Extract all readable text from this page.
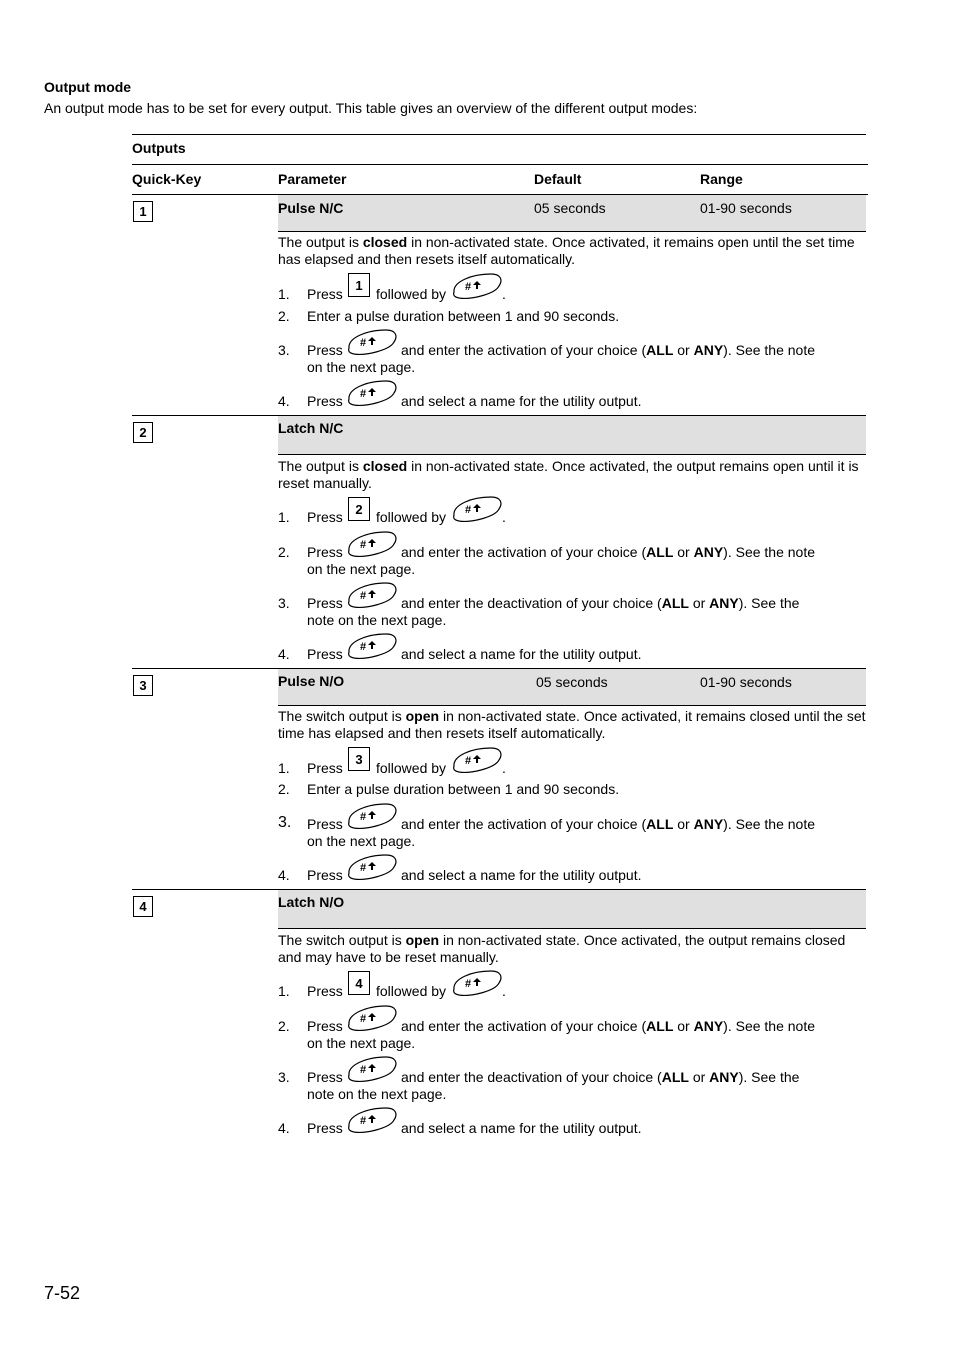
Output mode
An output mode has to be set for every output. This table gives an overview of the different output modes:
Outputs
Quick-Key	Parameter	Default	Range
1	Pulse N/C	05 seconds	01-90 seconds
The output is closed in non-activated state. Once activated, it remains open until the set time has elapsed and then resets itself automatically.
1. Press
1
followed by	.
2. Enter a pulse duration between 1 and 90 seconds.
3. Press	and enter the activation of your choice (ALL or ANY). See the note
on the next page.
4. Press	and select a name for the utility output.
2	Latch N/C
The output is closed in non-activated state. Once activated, the output remains open until it is reset manually.
1. Press 2 followed by	.
2. Press	and enter the activation of your choice (ALL or ANY). See the note
on the next page.
3. Press	and enter the deactivation of your choice (ALL or ANY). See the
note on the next page.
4. Press	and select a name for the utility output.
3	Pulse N/O	05 seconds	01-90 seconds
The switch output is open in non-activated state. Once activated, it remains closed until the set time has elapsed and then resets itself automatically.
1. Press
3
followed by	.
2. Enter a pulse duration between 1 and 90 seconds.
3. Press	and enter the activation of your choice (ALL or ANY). See the note
on the next page.
4. Press	and select a name for the utility output.
4	Latch N/O
The switch output is open in non-activated state. Once activated, the output remains closed and may have to be reset manually.
1. Press 4 followed by	.
2. Press	and enter the activation of your choice (ALL or ANY). See the note
on the next page.
3. Press	and enter the deactivation of your choice (ALL or ANY). See the
note on the next page.
4. Press	and select a name for the utility output.
7-52
